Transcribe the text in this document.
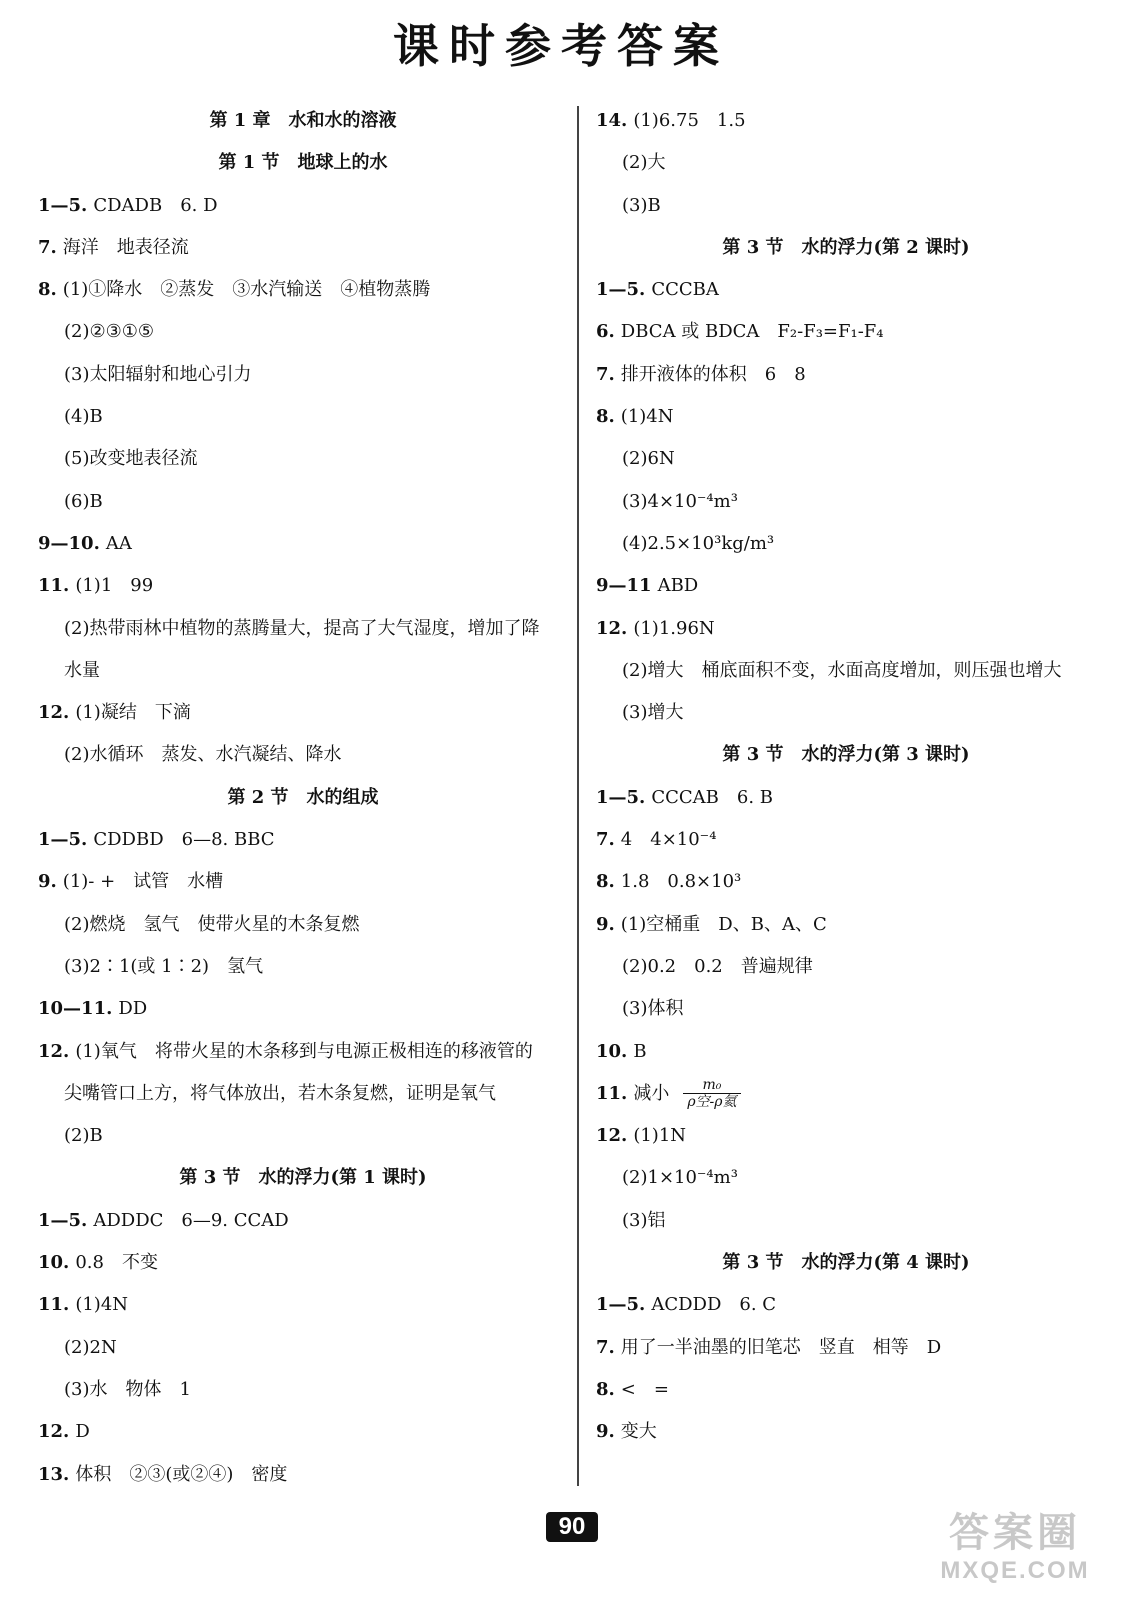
课时参考答案
第 1 章　水和水的溶液
第 1 节　地球上的水
1—5. CDADB　6. D
7. 海洋　地表径流
8. (1)①降水　②蒸发　③水汽输送　④植物蒸腾
(2)②③①⑤
(3)太阳辐射和地心引力
(4)B
(5)改变地表径流
(6)B
9—10. AA
11. (1)1　99
(2)热带雨林中植物的蒸腾量大，提高了大气湿度，增加了降
水量
12. (1)凝结　下滴
(2)水循环　蒸发、水汽凝结、降水
第 2 节　水的组成
1—5. CDDBD　6—8. BBC
9. (1)- +　试管　水槽
(2)燃烧　氢气　使带火星的木条复燃
(3)2∶1(或 1∶2)　氢气
10—11. DD
12. (1)氧气　将带火星的木条移到与电源正极相连的移液管的
尖嘴管口上方，将气体放出，若木条复燃，证明是氧气
(2)B
第 3 节　水的浮力(第 1 课时)
1—5. ADDDC　6—9. CCAD
10. 0.8　不变
11. (1)4N
(2)2N
(3)水　物体　1
12. D
13. 体积　②③(或②④)　密度
14. (1)6.75　1.5
(2)大
(3)B
第 3 节　水的浮力(第 2 课时)
1—5. CCCBA
6. DBCA 或 BDCA　F₂-F₃=F₁-F₄
7. 排开液体的体积　6　8
8. (1)4N
(2)6N
(3)4×10⁻⁴m³
(4)2.5×10³kg/m³
9—11 ABD
12. (1)1.96N
(2)增大　桶底面积不变，水面高度增加，则压强也增大
(3)增大
第 3 节　水的浮力(第 3 课时)
1—5. CCCAB　6. B
7. 4　4×10⁻⁴
8. 1.8　0.8×10³
9. (1)空桶重　D、B、A、C
(2)0.2　0.2　普遍规律
(3)体积
10. B
11. 减小 $\frac{\text{m₀}}{\text{ρ空-ρ氦}}$
12. (1)1N
(2)1×10⁻⁴m³
(3)铝
第 3 节　水的浮力(第 4 课时)
1—5. ACDDD　6. C
7. 用了一半油墨的旧笔芯　竖直　相等　D
8. <　=
9. 变大
90	答案圈
MXQE.COM
